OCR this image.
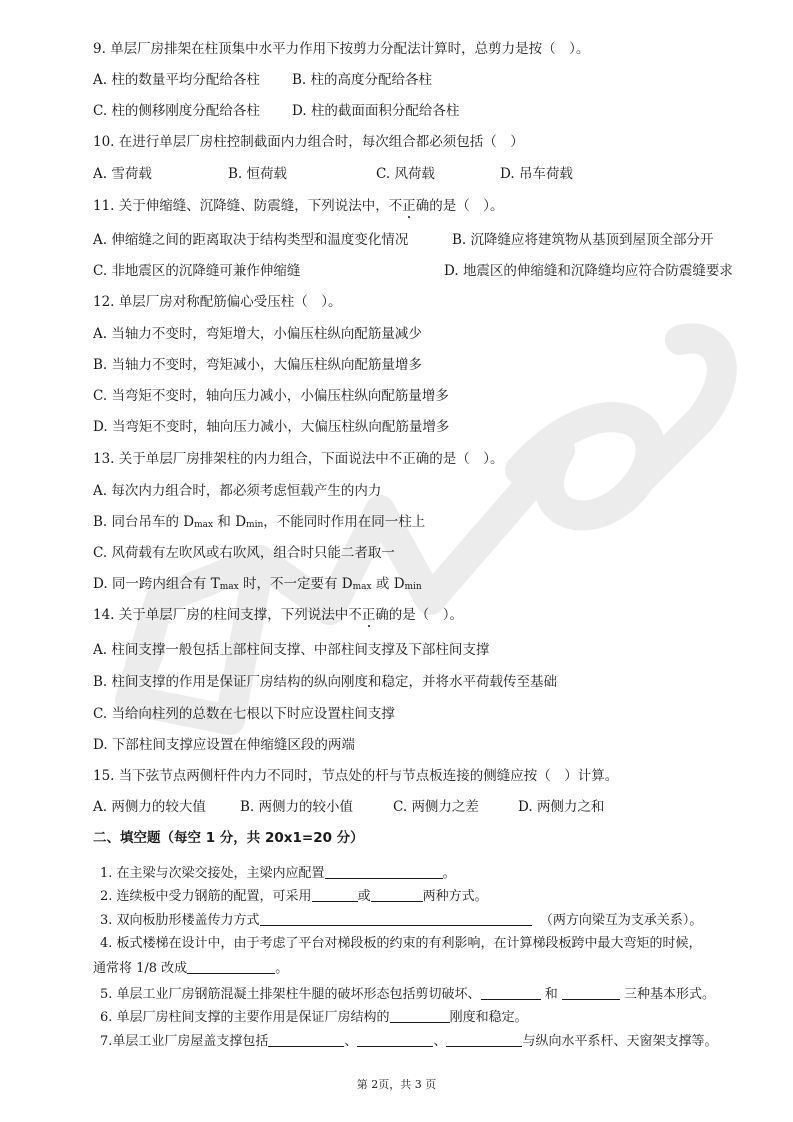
9. 单层厂房排架在柱顶集中水平力作用下按剪力分配法计算时，总剪力是按（　）。
A. 柱的数量平均分配给各柱 B. 柱的高度分配给各柱
C. 柱的侧移刚度分配给各柱 D. 柱的截面面积分配给各柱
10. 在进行单层厂房柱控制截面内力组合时，每次组合都必须包括（　）
A. 雪荷载	B. 恒荷载	C. 风荷载	D. 吊车荷载
11. 关于伸缩缝、沉降缝、防震缝，下列说法中，不正确的是（　）。
A. 伸缩缝之间的距离取决于结构类型和温度变化情况	B. 沉降缝应将建筑物从基顶到屋顶全部分开
C. 非地震区的沉降缝可兼作伸缩缝	D. 地震区的伸缩缝和沉降缝均应符合防震缝要求
12. 单层厂房对称配筋偏心受压柱（　）。
A. 当轴力不变时，弯矩增大，小偏压柱纵向配筋量减少
B. 当轴力不变时，弯矩减小，大偏压柱纵向配筋量增多
C. 当弯矩不变时，轴向压力减小，小偏压柱纵向配筋量增多
D. 当弯矩不变时，轴向压力减小，大偏压柱纵向配筋量增多
13. 关于单层厂房排架柱的内力组合，下面说法中不正确的是（　）。
A. 每次内力组合时，都必须考虑恒载产生的内力
B. 同台吊车的 Dmax 和 Dmin，不能同时作用在同一柱上
C. 风荷载有左吹风或右吹风，组合时只能二者取一
D. 同一跨内组合有 Tmax 时，不一定要有 Dmax 或 Dmin
14. 关于单层厂房的柱间支撑，下列说法中不正确的是（　）。
A. 柱间支撑一般包括上部柱间支撑、中部柱间支撑及下部柱间支撑
B. 柱间支撑的作用是保证厂房结构的纵向刚度和稳定，并将水平荷载传至基础
C. 当给向柱列的总数在七根以下时应设置柱间支撑
D. 下部柱间支撑应设置在伸缩缝区段的两端
15. 当下弦节点两侧杆件内力不同时，节点处的杆与节点板连接的侧缝应按（　）计算。
A. 两侧力的较大值	B. 两侧力的较小值	C. 两侧力之差	D. 两侧力之和
二、填空题（每空 1 分，共 20x1=20 分）
1. 在主梁与次梁交接处，主梁内应配置	。
2. 连续板中受力钢筋的配置，可采用	或	两种方式。
3. 双向板肋形楼盖传力方式	（两方向梁互为支承关系）。
4. 板式楼梯在设计中，由于考虑了平台对梯段板的约束的有利影响，在计算梯段板跨中最大弯矩的时候，
通常将 1/8 改成	。
5. 单层工业厂房钢筋混凝土排架柱牛腿的破坏形态包括剪切破坏、	和	三种基本形式。
6. 单层厂房柱间支撑的主要作用是保证厂房结构的	刚度和稳定。
7.单层工业厂房屋盖支撑包括	、	、	与纵向水平系杆、天窗架支撑等。
第 2页，共 3 页
